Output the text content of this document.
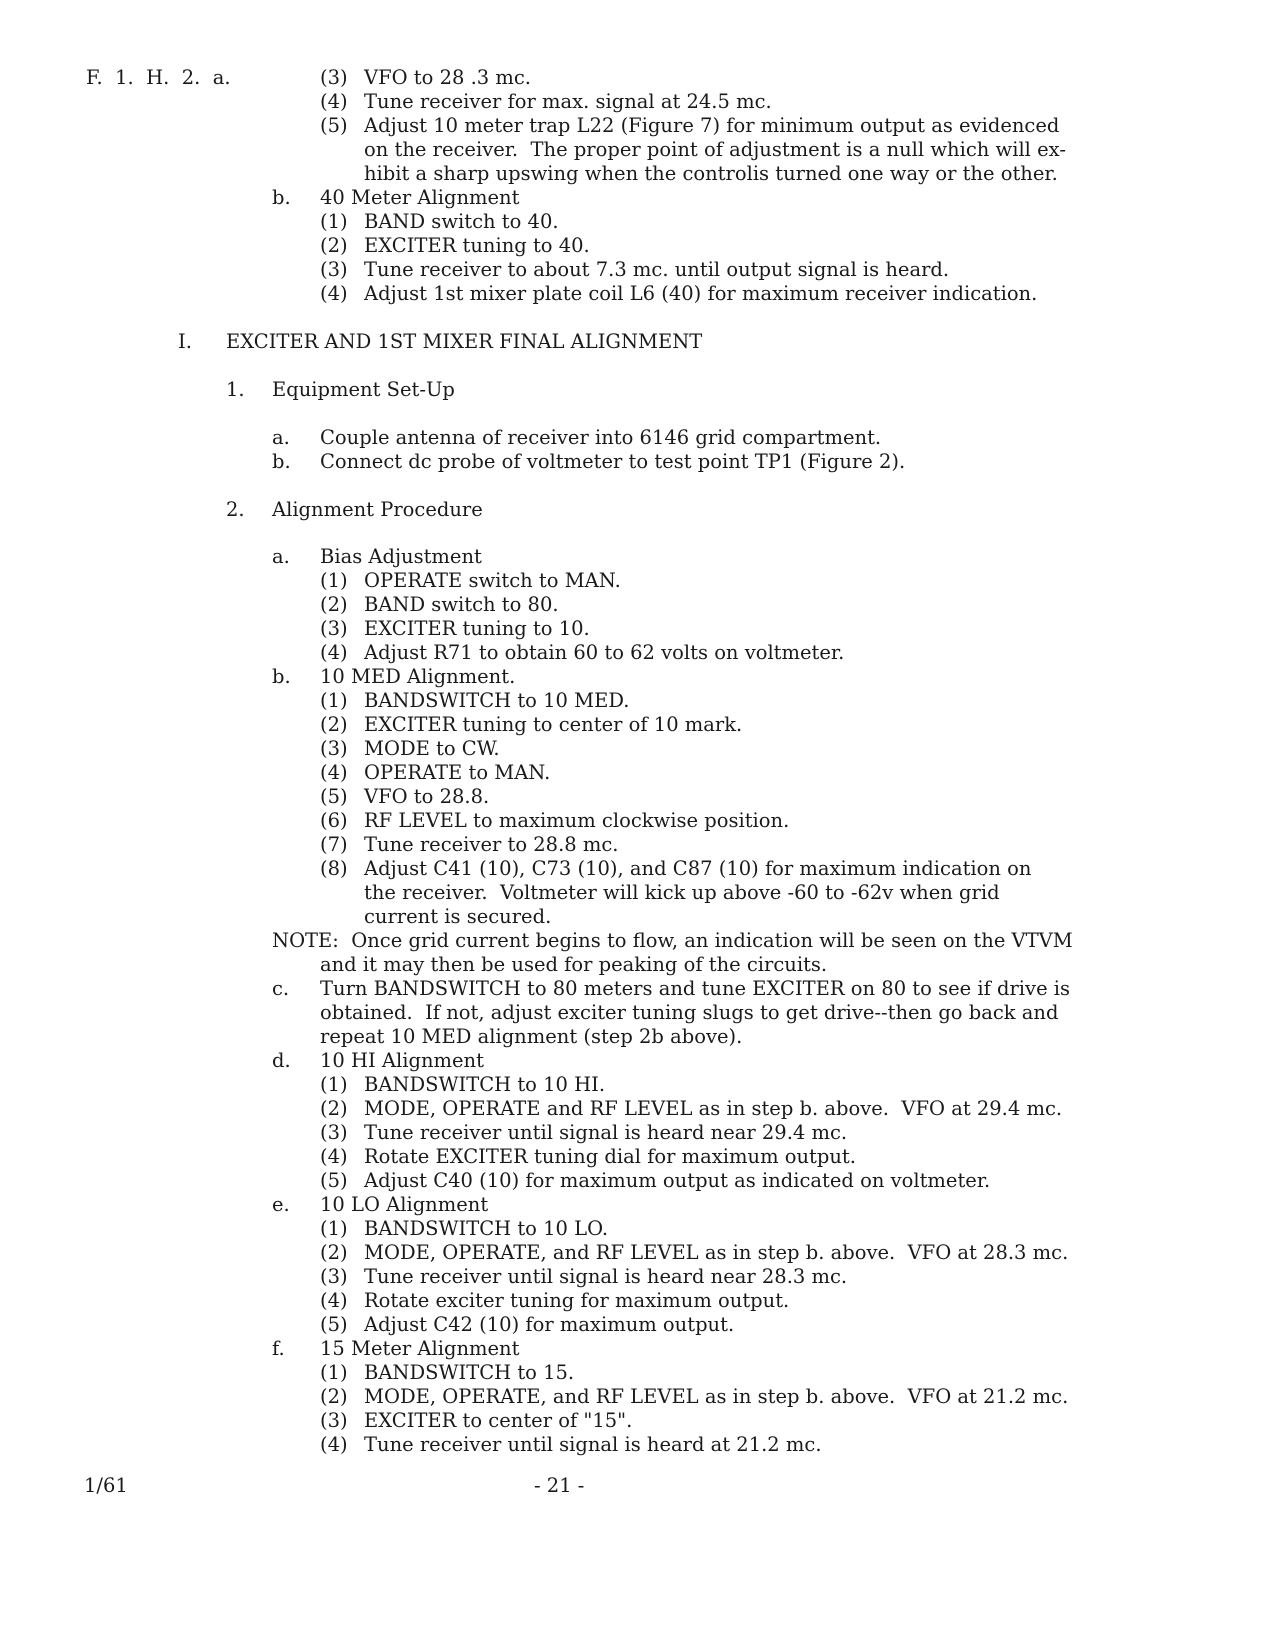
F.  1.  H.  2.  a.	(3) VFO to 28 .3 mc.
(4) Tune receiver for max. signal at 24.5 mc.
(5) Adjust 10 meter trap L22 (Figure 7) for minimum output as evidenced
on the receiver.  The proper point of adjustment is a null which will ex-
hibit a sharp upswing when the controlis turned one way or the other.
b. 40 Meter Alignment
(1) BAND switch to 40.
(2) EXCITER tuning to 40.
(3) Tune receiver to about 7.3 mc. until output signal is heard.
(4) Adjust 1st mixer plate coil L6 (40) for maximum receiver indication.
I. EXCITER AND 1ST MIXER FINAL ALIGNMENT
1. Equipment Set-Up
a. Couple antenna of receiver into 6146 grid compartment.
b. Connect dc probe of voltmeter to test point TP1 (Figure 2).
2. Alignment Procedure
a. Bias Adjustment
(1) OPERATE switch to MAN.
(2) BAND switch to 80.
(3) EXCITER tuning to 10.
(4) Adjust R71 to obtain 60 to 62 volts on voltmeter.
b. 10 MED Alignment.
(1) BANDSWITCH to 10 MED.
(2) EXCITER tuning to center of 10 mark.
(3) MODE to CW.
(4) OPERATE to MAN.
(5) VFO to 28.8.
(6) RF LEVEL to maximum clockwise position.
(7) Tune receiver to 28.8 mc.
(8) Adjust C41 (10), C73 (10), and C87 (10) for maximum indication on
the receiver.  Voltmeter will kick up above -60 to -62v when grid
current is secured.
NOTE:  Once grid current begins to flow, an indication will be seen on the VTVM
and it may then be used for peaking of the circuits.
c. Turn BANDSWITCH to 80 meters and tune EXCITER on 80 to see if drive is
obtained.  If not, adjust exciter tuning slugs to get drive--then go back and
repeat 10 MED alignment (step 2b above).
d. 10 HI Alignment
(1) BANDSWITCH to 10 HI.
(2) MODE, OPERATE and RF LEVEL as in step b. above.  VFO at 29.4 mc.
(3) Tune receiver until signal is heard near 29.4 mc.
(4) Rotate EXCITER tuning dial for maximum output.
(5) Adjust C40 (10) for maximum output as indicated on voltmeter.
e. 10 LO Alignment
(1) BANDSWITCH to 10 LO.
(2) MODE, OPERATE, and RF LEVEL as in step b. above.  VFO at 28.3 mc.
(3) Tune receiver until signal is heard near 28.3 mc.
(4) Rotate exciter tuning for maximum output.
(5) Adjust C42 (10) for maximum output.
f. 15 Meter Alignment
(1) BANDSWITCH to 15.
(2) MODE, OPERATE, and RF LEVEL as in step b. above.  VFO at 21.2 mc.
(3) EXCITER to center of "15".
(4) Tune receiver until signal is heard at 21.2 mc.
1/61	- 21 -
